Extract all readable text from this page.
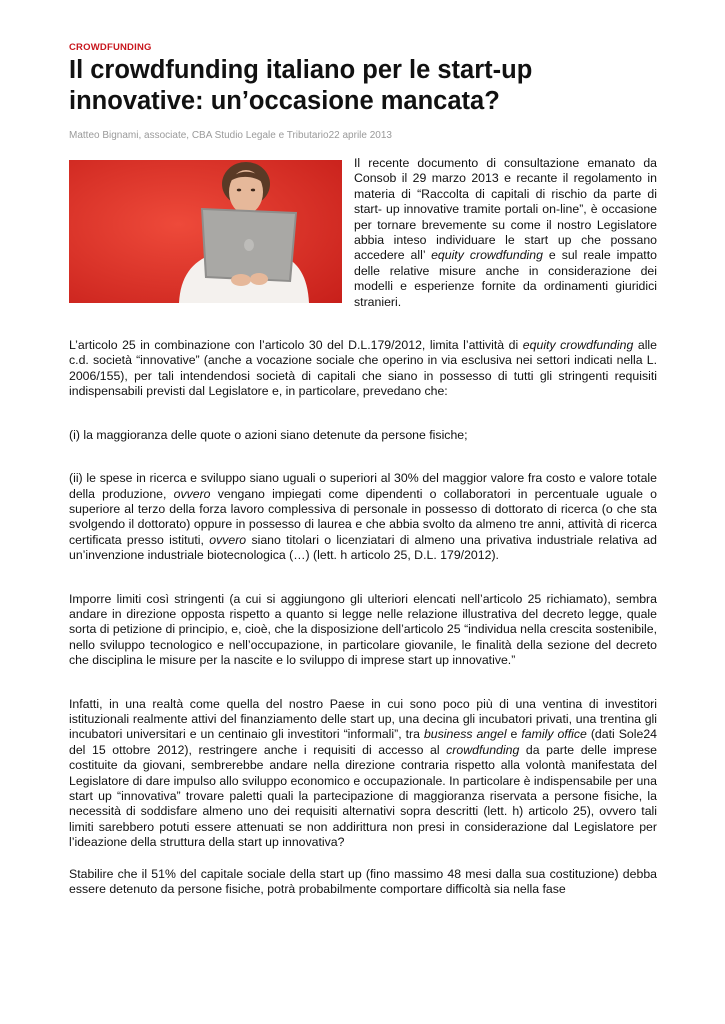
CROWDFUNDING
Il crowdfunding italiano per le start-up innovative: un’occasione mancata?
Matteo Bignami, associate, CBA Studio Legale e Tributario22 aprile 2013

Il recente documento di consultazione emanato da Consob il 29 marzo 2013 e recante il regolamento in materia di “Raccolta di capitali di rischio da parte di start- up innovative tramite portali on-line”, è occasione per tornare brevemente su come il nostro Legislatore abbia inteso individuare le start up che possano accedere all’ equity crowdfunding e sul reale impatto delle relative misure anche in considerazione dei modelli e esperienze fornite da ordinamenti giuridici stranieri.

L’articolo 25 in combinazione con l’articolo 30 del D.L.179/2012, limita l’attività di equity crowdfunding alle c.d. società “innovative” (anche a vocazione sociale che operino in via esclusiva nei settori indicati nella L. 2006/155), per tali intendendosi società di capitali che siano in possesso di tutti gli stringenti requisiti indispensabili previsti dal Legislatore e, in particolare, prevedano che:

(i) la maggioranza delle quote o azioni siano detenute da persone fisiche;

(ii) le spese in ricerca e sviluppo siano uguali o superiori al 30% del maggior valore fra costo e valore totale della produzione, ovvero vengano impiegati come dipendenti o collaboratori in percentuale uguale o superiore al terzo della forza lavoro complessiva di personale in possesso di dottorato di ricerca (o che sta svolgendo il dottorato) oppure in possesso di laurea e che abbia svolto da almeno tre anni, attività di ricerca certificata presso istituti, ovvero siano titolari o licenziatari di almeno una privativa industriale relativa ad un’invenzione industriale biotecnologica (…) (lett. h articolo 25, D.L. 179/2012).

Imporre limiti così stringenti (a cui si aggiungono gli ulteriori elencati nell’articolo 25 richiamato), sembra andare in direzione opposta rispetto a quanto si legge nelle relazione illustrativa del decreto legge, quale sorta di petizione di principio, e, cioè, che la disposizione dell’articolo 25 “individua nella crescita sostenibile, nello sviluppo tecnologico e nell’occupazione, in particolare giovanile, le finalità della sezione del decreto che disciplina le misure per la nascite e lo sviluppo di imprese start up innovative.”

Infatti, in una realtà come quella del nostro Paese in cui sono poco più di una ventina di investitori istituzionali realmente attivi del finanziamento delle start up, una decina gli incubatori privati, una trentina gli incubatori universitari e un centinaio gli investitori “informali”, tra business angel e family office (dati Sole24 del 15 ottobre 2012), restringere anche i requisiti di accesso al crowdfunding da parte delle imprese costituite da giovani, sembrerebbe andare nella direzione contraria rispetto alla volontà manifestata del Legislatore di dare impulso allo sviluppo economico e occupazionale. In particolare è indispensabile per una start up “innovativa” trovare paletti quali la partecipazione di maggioranza riservata a persone fisiche, la necessità di soddisfare almeno uno dei requisiti alternativi sopra descritti (lett. h) articolo 25), ovvero tali limiti sarebbero potuti essere attenuati se non addirittura non presi in considerazione dal Legislatore per l’ideazione della struttura della start up innovativa?

Stabilire che il 51% del capitale sociale della start up (fino massimo 48 mesi dalla sua costituzione) debba essere detenuto da persone fisiche, potrà probabilmente comportare difficoltà sia nella fase
